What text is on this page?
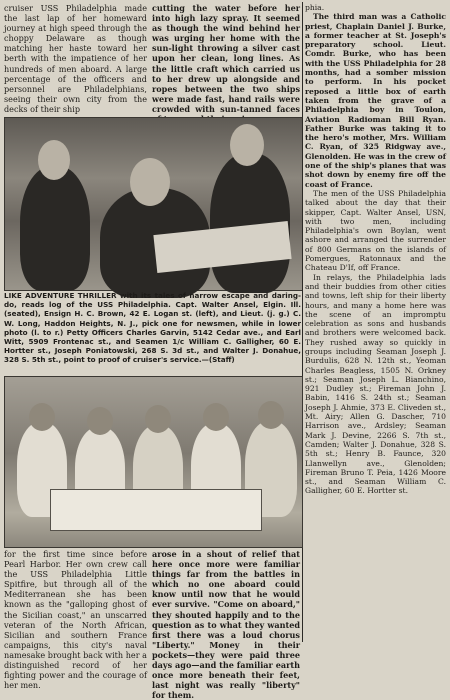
cruiser USS Philadelphia made the last lap of her homeward journey at high speed through the choppy Delaware as though matching her haste toward her berth with the impatience of her hundreds of men aboard. A large percentage of the officers and personnel are Philadelphians, seeing their own city from the decks of their ship

cutting the water before her into high lazy spray. It seemed as though the wind behind her was urging her home with the sun-light throwing a silver cast upon her clean, long lines. As the little craft which carried us to her drew up alongside and ropes between the two ships were made fast, hand rails were crowded with sun-tanned faces

LIKE ADVENTURE THRILLER with its tales of narrow escape and daring-do, reads log of the USS Philadelphia. Capt. Walter Ansel, Elgin. Ill. (seated), Ensign H. C. Brown, 42 E. Logan st. (left), and Lieut. (j. g.) C. W. Long, Haddon Heights, N. J., pick one for newsmen, while in lower photo (l. to r.) Petty Officers Charles Garvin, 5142 Cedar ave., and Earl Witt, 5909 Frontenac st., and Seamen 1/c William C. Galligher, 60 E. Hortter st., Joseph Poniatowski, 268 S. 3d st., and Walter J. Donahue, 328 S. 5th st., point to proof of cruiser's service.—(Staff)

phia.

The third man was a Catholic priest, Chaplain Daniel J. Burke, a former teacher at St. Joseph's preparatory school. Lieut. Comdr. Burke, who has been with the USS Philadelphia for 28 months, had a somber mission to perform. In his pocket reposed a little box of earth taken from the grave of a Philadelphia boy in Toulon, Aviation Radioman Bill Ryan. Father Burke was taking it to the hero's mother, Mrs. William C. Ryan, of 325 Ridgway ave., Glenolden. He was in the crew of one of the ship's planes that was shot down by enemy fire off the coast of France.

The men of the USS Philadelphia talked about the day that their skipper, Capt. Walter Ansel, USN, with two men, including Philadelphia's own Boylan, went ashore and arranged the surrender of 800 Germans on the islands of Pomergues, Ratonnaux and the Chateau D'If, off France.

In relays, the Philadelphia lads and their buddies from other cities and towns, left ship for their liberty hours, and many a home here was the scene of an impromptu celebration as sons and husbands and brothers were welcomed back. They rushed away so quickly in groups including Seaman Joseph J. Burdulis, 628 N. 12th st., Yeoman Charles Beagless, 1505 N. Orkney st.; Seaman Joseph L. Bianchino, 921 Dudley st.; Fireman John J. Babin, 1416 S. 24th st.; Seaman Joseph J. Ahmie, 373 E. Cliveden st., Mt. Airy; Allen G. Dascher, 710 Harrison ave., Ardsley; Seaman Mark J. Devine, 2266 S. 7th st., Camden; Walter J. Donahue, 328 S. 5th st.; Henry B. Faunce, 320 Llanwellyn ave., Glenolden; Fireman Bruno T. Peia, 1426 Moore st., and Seaman William C. Galligher, 60 E. Hortter st.

for the first time since before Pearl Harbor. Her own crew call the USS Philadelphia Little Spitfire, but through all of the Mediterranean she has been known as the "galloping ghost of the Sicilian coast," an unscarred veteran of the North African, Sicilian and southern France campaigns, this city's naval namesake brought back with her a distinguished record of her fighting power and the courage of her men.

arose in a shout of relief that here once more were familiar things far from the battles in which no one aboard could know until now that he would ever survive. "Come on aboard," they shouted happily and to the question as to what they wanted first there was a loud chorus "Liberty." Money in their pockets—they were paid three days ago—and the familiar earth once more beneath their feet, last night was really "liberty" for them.
